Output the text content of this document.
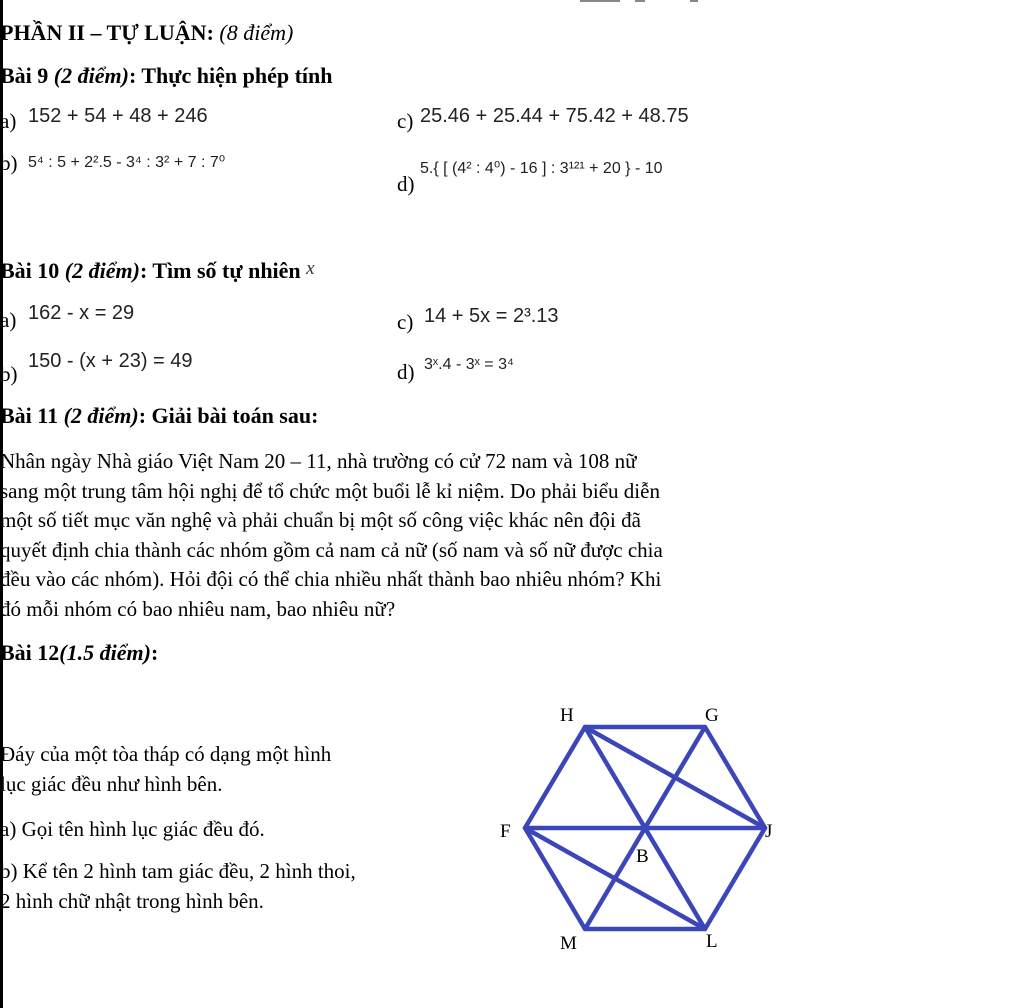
PHẦN II – TỰ LUẬN: (8 điểm)
Bài 9 (2 điểm): Thực hiện phép tính
a) 152 + 54 + 48 + 246
b) 5⁴ : 5 + 2².5 - 3⁴ : 3² + 7 : 7⁰
c) 25.46 + 25.44 + 75.42 + 48.75
d)
5.{ [ (4² : 4⁰) - 16 ] : 3¹²¹ + 20 } - 10
Bài 10 (2 điểm): Tìm số tự nhiên x
a) 162 - x = 29
b)
150 - (x + 23) = 49
c) 14 + 5x = 2³.13
d) 3ˣ.4 - 3ˣ = 3⁴
Bài 11 (2 điểm): Giải bài toán sau:
Nhân ngày Nhà giáo Việt Nam 20 – 11, nhà trường có cử 72 nam và 108 nữ
sang một trung tâm hội nghị để tổ chức một buổi lễ kỉ niệm. Do phải biểu diễn
một số tiết mục văn nghệ và phải chuẩn bị một số công việc khác nên đội đã
quyết định chia thành các nhóm gồm cả nam cả nữ (số nam và số nữ được chia
đều vào các nhóm). Hỏi đội có thể chia nhiều nhất thành bao nhiêu nhóm? Khi
đó mỗi nhóm có bao nhiêu nam, bao nhiêu nữ?
Bài 12(1.5 điểm):
Đáy của một tòa tháp có dạng một hình
lục giác đều như hình bên.
a) Gọi tên hình lục giác đều đó.
b) Kể tên 2 hình tam giác đều, 2 hình thoi,
2 hình chữ nhật trong hình bên.
H	G
F	J
B
M	L
